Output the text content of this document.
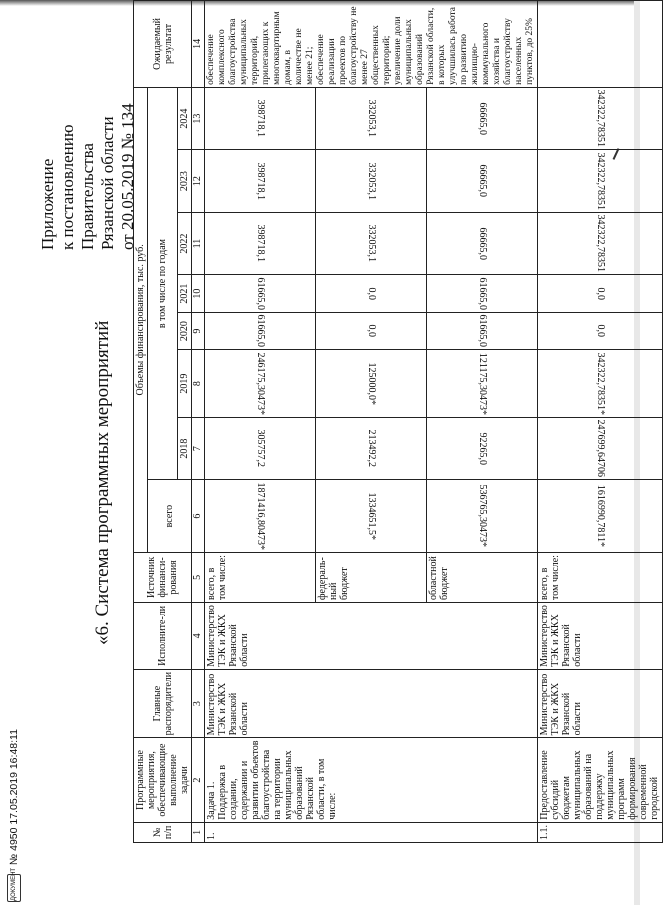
Приложение к постановлению Правительства Рязанской области от 20.05.2019 № 134
«6. Система программных мероприятий
№ п/п	Программные мероприятия, обеспечивающие выполнение задачи	Главные распорядители	Исполните-ли	Источник финанси-рования	Объемы финансирования, тыс. руб.								Ожидаемый результат
					всего	в том числе по годам							
						2018	2019	2020	2021	2022	2023	2024	
1	2	3	4	5	6	7	8	9	10	11	12	13	14
1.	Задача 1. Поддержка в создании, содержании и развитии объектов благоустройства на территории муниципальных образований Рязанской области, в том числе:	Министерство ТЭК и ЖКХ Рязанской области	Министерство ТЭК и ЖКХ Рязанской области	всего, в том числе:	1871416,80473*	305757,2	246175,30473*	61665,0	61665,0	398718,1	398718,1	398718,1	обеспечение комплексного благоустройства муниципальных территорий, прилегающих к многоквартирным домам, в количестве не менее 21; обеспечение реализации проектов по благоустройству не менее 27 общественных территорий; увеличение доли муниципальных образований Рязанской области, в которых улучшилась работа по развитию жилищно-коммунального хозяйства и благоустройству населенных пунктов, до 25%
				федераль-ный бюджет	1334651,5*	213492,2	125000,0*	0,0	0,0	332053,1	332053,1	332053,1	
				областной бюджет	536765,30473*	92265,0	121175,30473*	61665,0	61665,0	66665,0	66665,0	66665,0	
1.1.	Предоставление субсидий бюджетам муниципальных образований на поддержку муниципальных программ формирования современной городской	Министерство ТЭК и ЖКХ Рязанской области	Министерство ТЭК и ЖКХ Рязанской области	всего, в том числе:	1616990,7811*	247699,64706	342322,78351*	0,0	0,0	342322,78351	342322,78351	342322,78351	
ДОКУМЕНТ № 4950 17.05.2019 16:48:11
